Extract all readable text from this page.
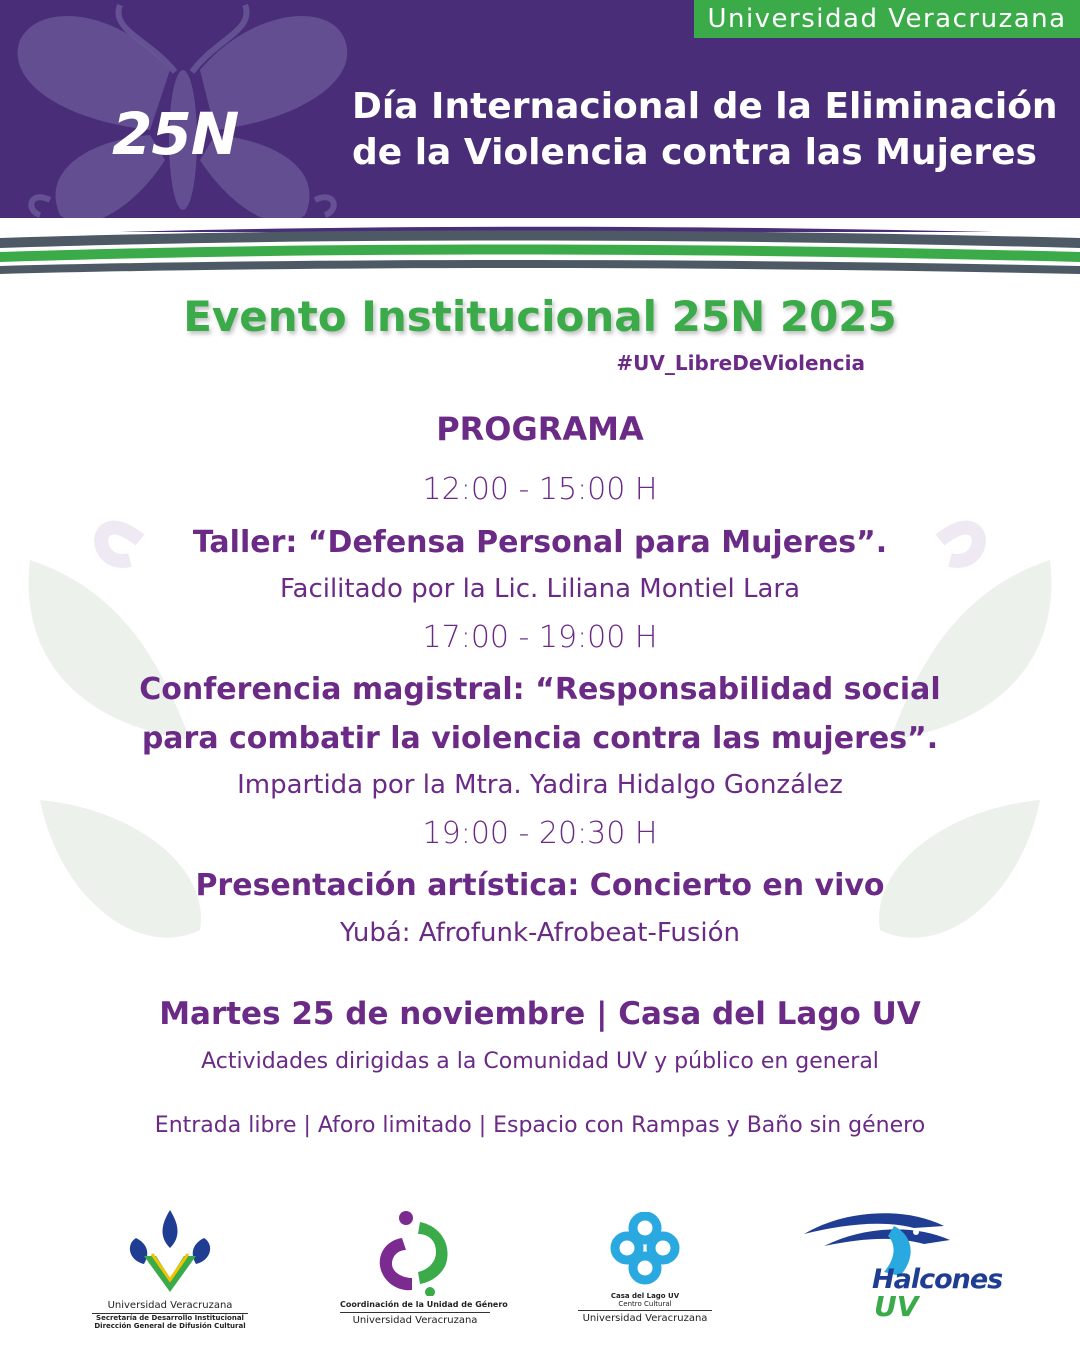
Universidad Veracruzana
25N	Día Internacional de la Eliminación
de la Violencia contra las Mujeres
Evento Institucional 25N 2025
#UV_LibreDeViolencia
PROGRAMA
12:00 - 15:00 H
Taller: “Defensa Personal para Mujeres”.
Facilitado por la Lic. Liliana Montiel Lara
17:00 - 19:00 H
Conferencia magistral: “Responsabilidad social
para combatir la violencia contra las mujeres”.
Impartida por la Mtra. Yadira Hidalgo González
19:00 - 20:30 H
Presentación artística: Concierto en vivo
Yubá: Afrofunk-Afrobeat-Fusión
Martes 25 de noviembre | Casa del Lago UV
Actividades dirigidas a la Comunidad UV y público en general
Entrada libre | Aforo limitado | Espacio con Rampas y Baño sin género
Universidad Veracruzana
Secretaría de Desarrollo Institucional
Dirección General de Difusión Cultural
Coordinación de la Unidad de Género
Universidad Veracruzana
Casa del Lago UV
Centro Cultural
Universidad Veracruzana
Halcones
UV
